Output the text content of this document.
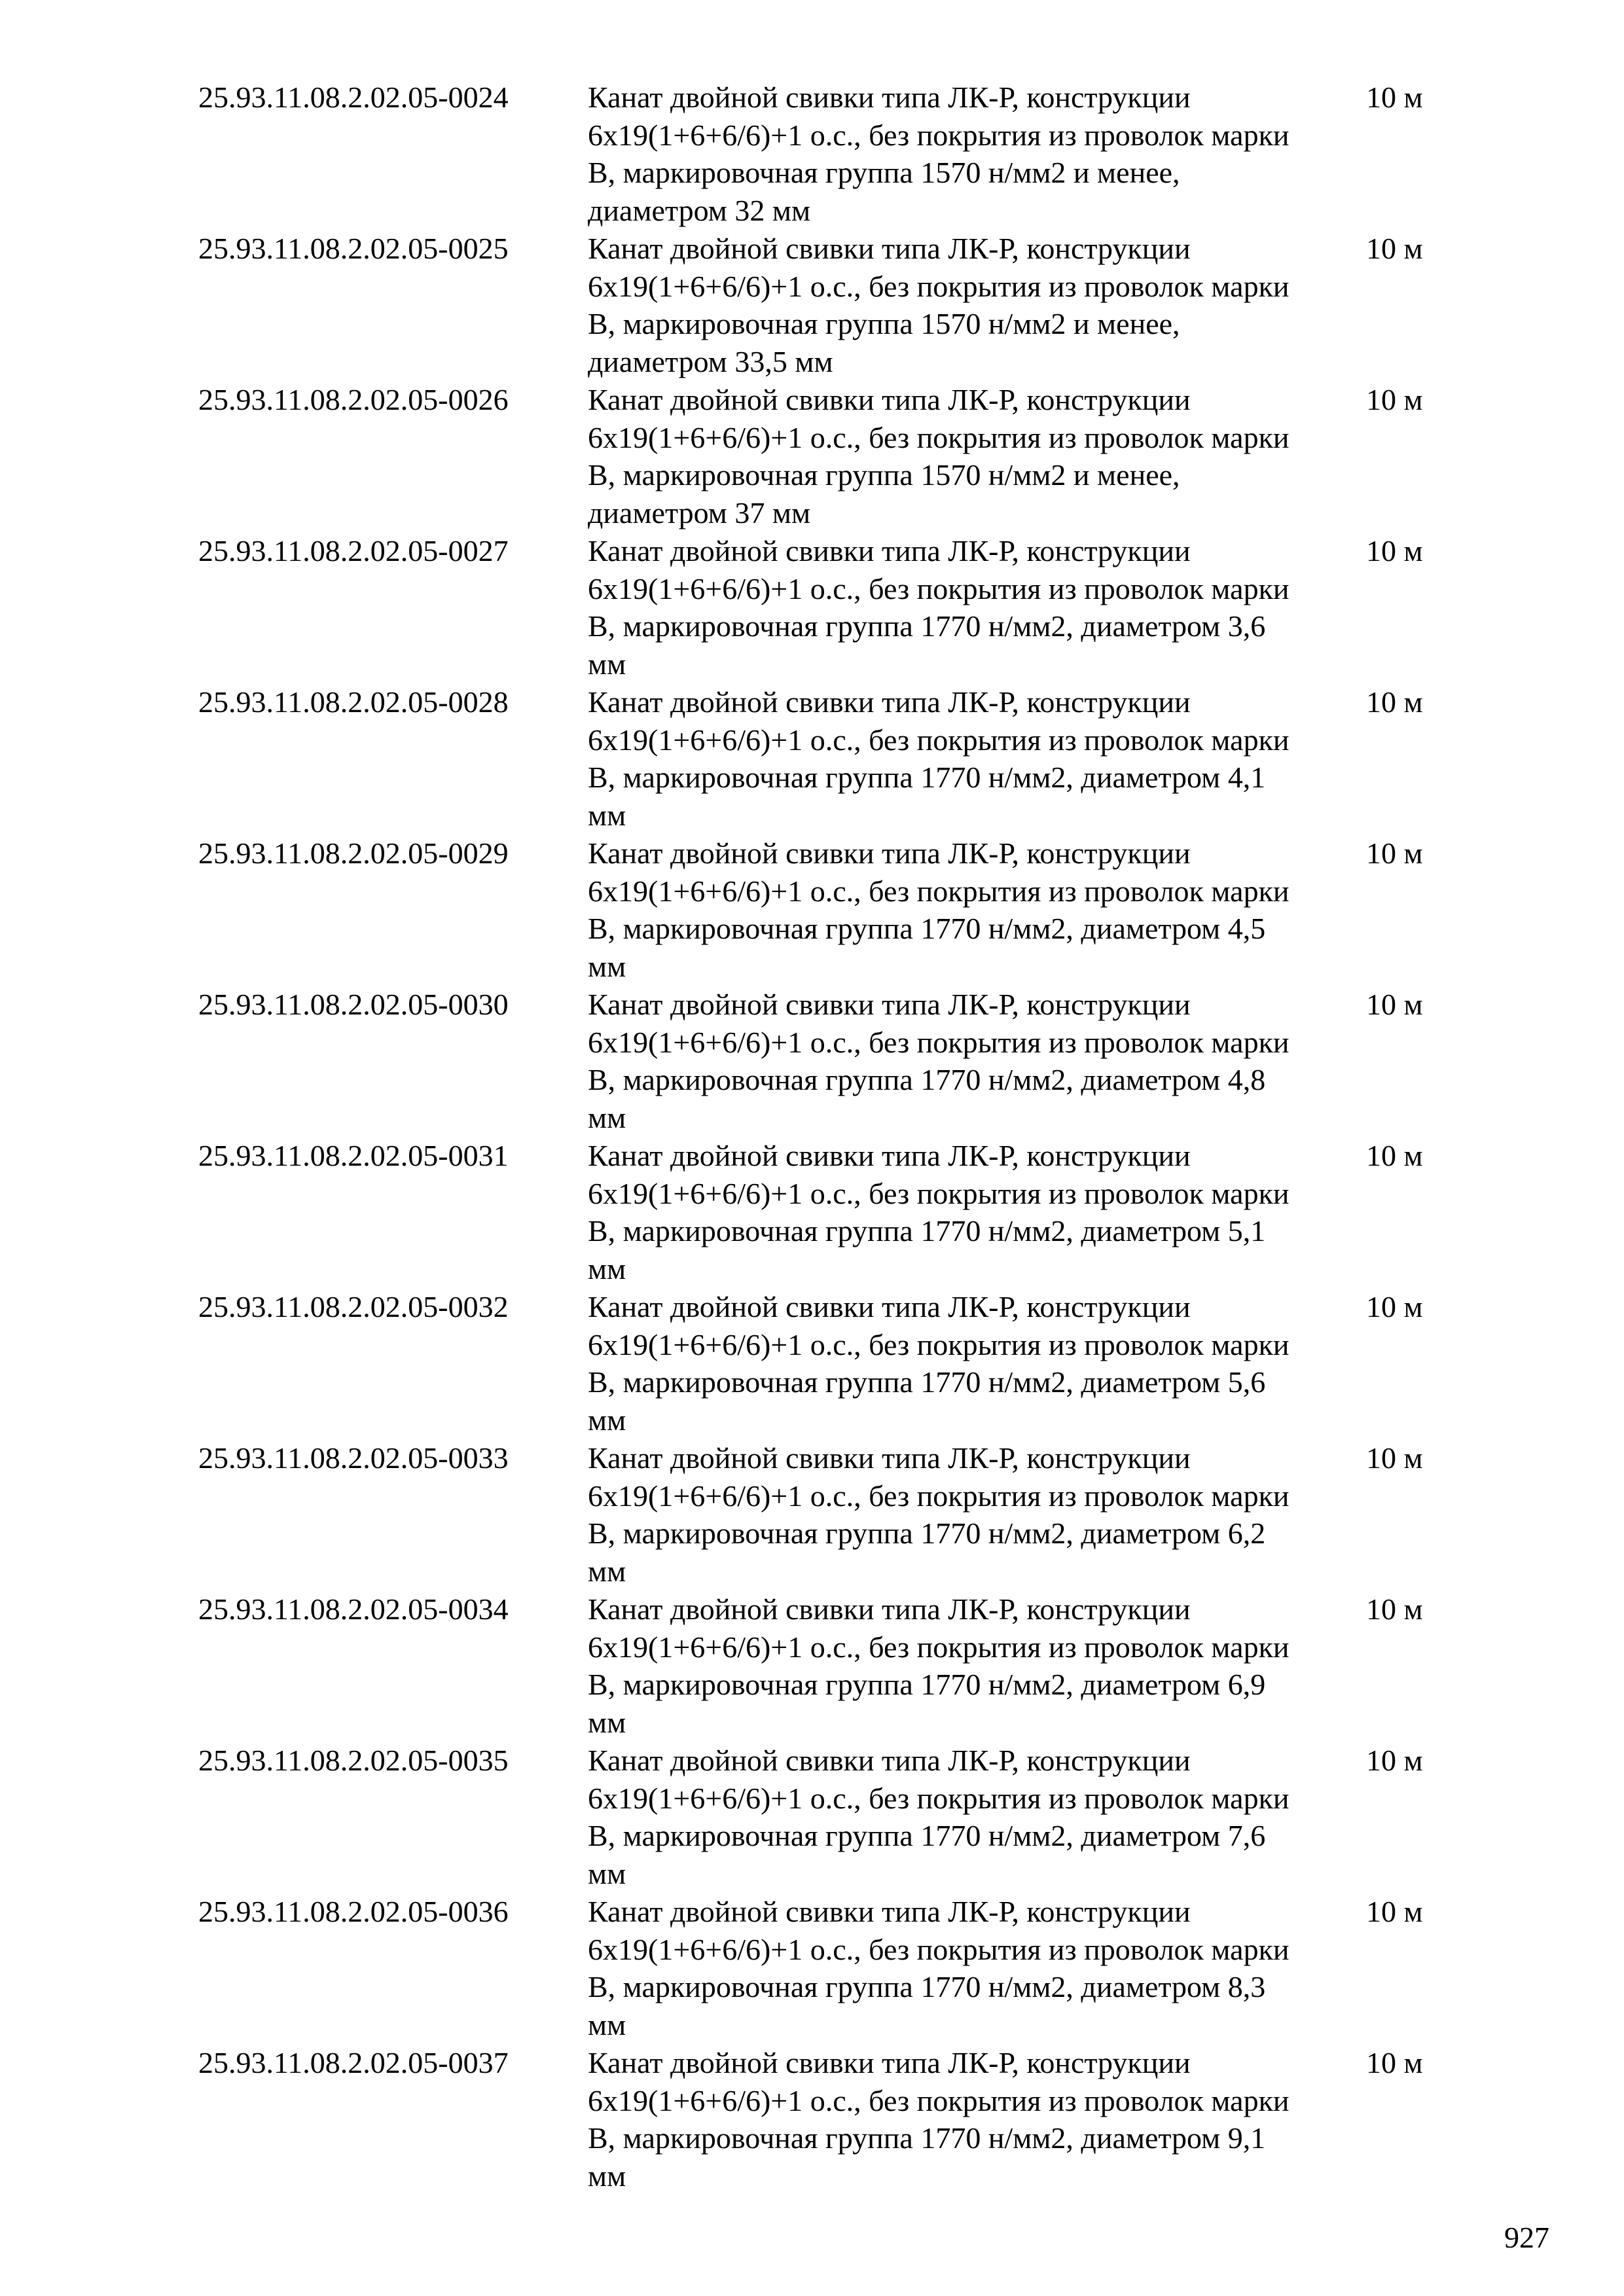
25.93.11.08.2.02.05-0024	Канат двойной свивки типа ЛК-Р, конструкции
6х19(1+6+6/6)+1 о.с., без покрытия из проволок марки
В, маркировочная группа 1570 н/мм2 и менее,
диаметром 32 мм
10 м
25.93.11.08.2.02.05-0025	Канат двойной свивки типа ЛК-Р, конструкции
6х19(1+6+6/6)+1 о.с., без покрытия из проволок марки
В, маркировочная группа 1570 н/мм2 и менее,
диаметром 33,5 мм
10 м
25.93.11.08.2.02.05-0026	Канат двойной свивки типа ЛК-Р, конструкции
6х19(1+6+6/6)+1 о.с., без покрытия из проволок марки
В, маркировочная группа 1570 н/мм2 и менее,
диаметром 37 мм
10 м
25.93.11.08.2.02.05-0027	Канат двойной свивки типа ЛК-Р, конструкции
6х19(1+6+6/6)+1 о.с., без покрытия из проволок марки
В, маркировочная группа 1770 н/мм2, диаметром 3,6
мм
10 м
25.93.11.08.2.02.05-0028	Канат двойной свивки типа ЛК-Р, конструкции
6х19(1+6+6/6)+1 о.с., без покрытия из проволок марки
В, маркировочная группа 1770 н/мм2, диаметром 4,1
мм
10 м
25.93.11.08.2.02.05-0029	Канат двойной свивки типа ЛК-Р, конструкции
6х19(1+6+6/6)+1 о.с., без покрытия из проволок марки
В, маркировочная группа 1770 н/мм2, диаметром 4,5
мм
10 м
25.93.11.08.2.02.05-0030	Канат двойной свивки типа ЛК-Р, конструкции
6х19(1+6+6/6)+1 о.с., без покрытия из проволок марки
В, маркировочная группа 1770 н/мм2, диаметром 4,8
мм
10 м
25.93.11.08.2.02.05-0031	Канат двойной свивки типа ЛК-Р, конструкции
6х19(1+6+6/6)+1 о.с., без покрытия из проволок марки
В, маркировочная группа 1770 н/мм2, диаметром 5,1
мм
10 м
25.93.11.08.2.02.05-0032	Канат двойной свивки типа ЛК-Р, конструкции
6х19(1+6+6/6)+1 о.с., без покрытия из проволок марки
В, маркировочная группа 1770 н/мм2, диаметром 5,6
мм
10 м
25.93.11.08.2.02.05-0033	Канат двойной свивки типа ЛК-Р, конструкции
6х19(1+6+6/6)+1 о.с., без покрытия из проволок марки
В, маркировочная группа 1770 н/мм2, диаметром 6,2
мм
10 м
25.93.11.08.2.02.05-0034	Канат двойной свивки типа ЛК-Р, конструкции
6х19(1+6+6/6)+1 о.с., без покрытия из проволок марки
В, маркировочная группа 1770 н/мм2, диаметром 6,9
мм
10 м
25.93.11.08.2.02.05-0035	Канат двойной свивки типа ЛК-Р, конструкции
6х19(1+6+6/6)+1 о.с., без покрытия из проволок марки
В, маркировочная группа 1770 н/мм2, диаметром 7,6
мм
10 м
25.93.11.08.2.02.05-0036	Канат двойной свивки типа ЛК-Р, конструкции
6х19(1+6+6/6)+1 о.с., без покрытия из проволок марки
В, маркировочная группа 1770 н/мм2, диаметром 8,3
мм
10 м
25.93.11.08.2.02.05-0037	Канат двойной свивки типа ЛК-Р, конструкции
6х19(1+6+6/6)+1 о.с., без покрытия из проволок марки
В, маркировочная группа 1770 н/мм2, диаметром 9,1
мм
10 м
927
